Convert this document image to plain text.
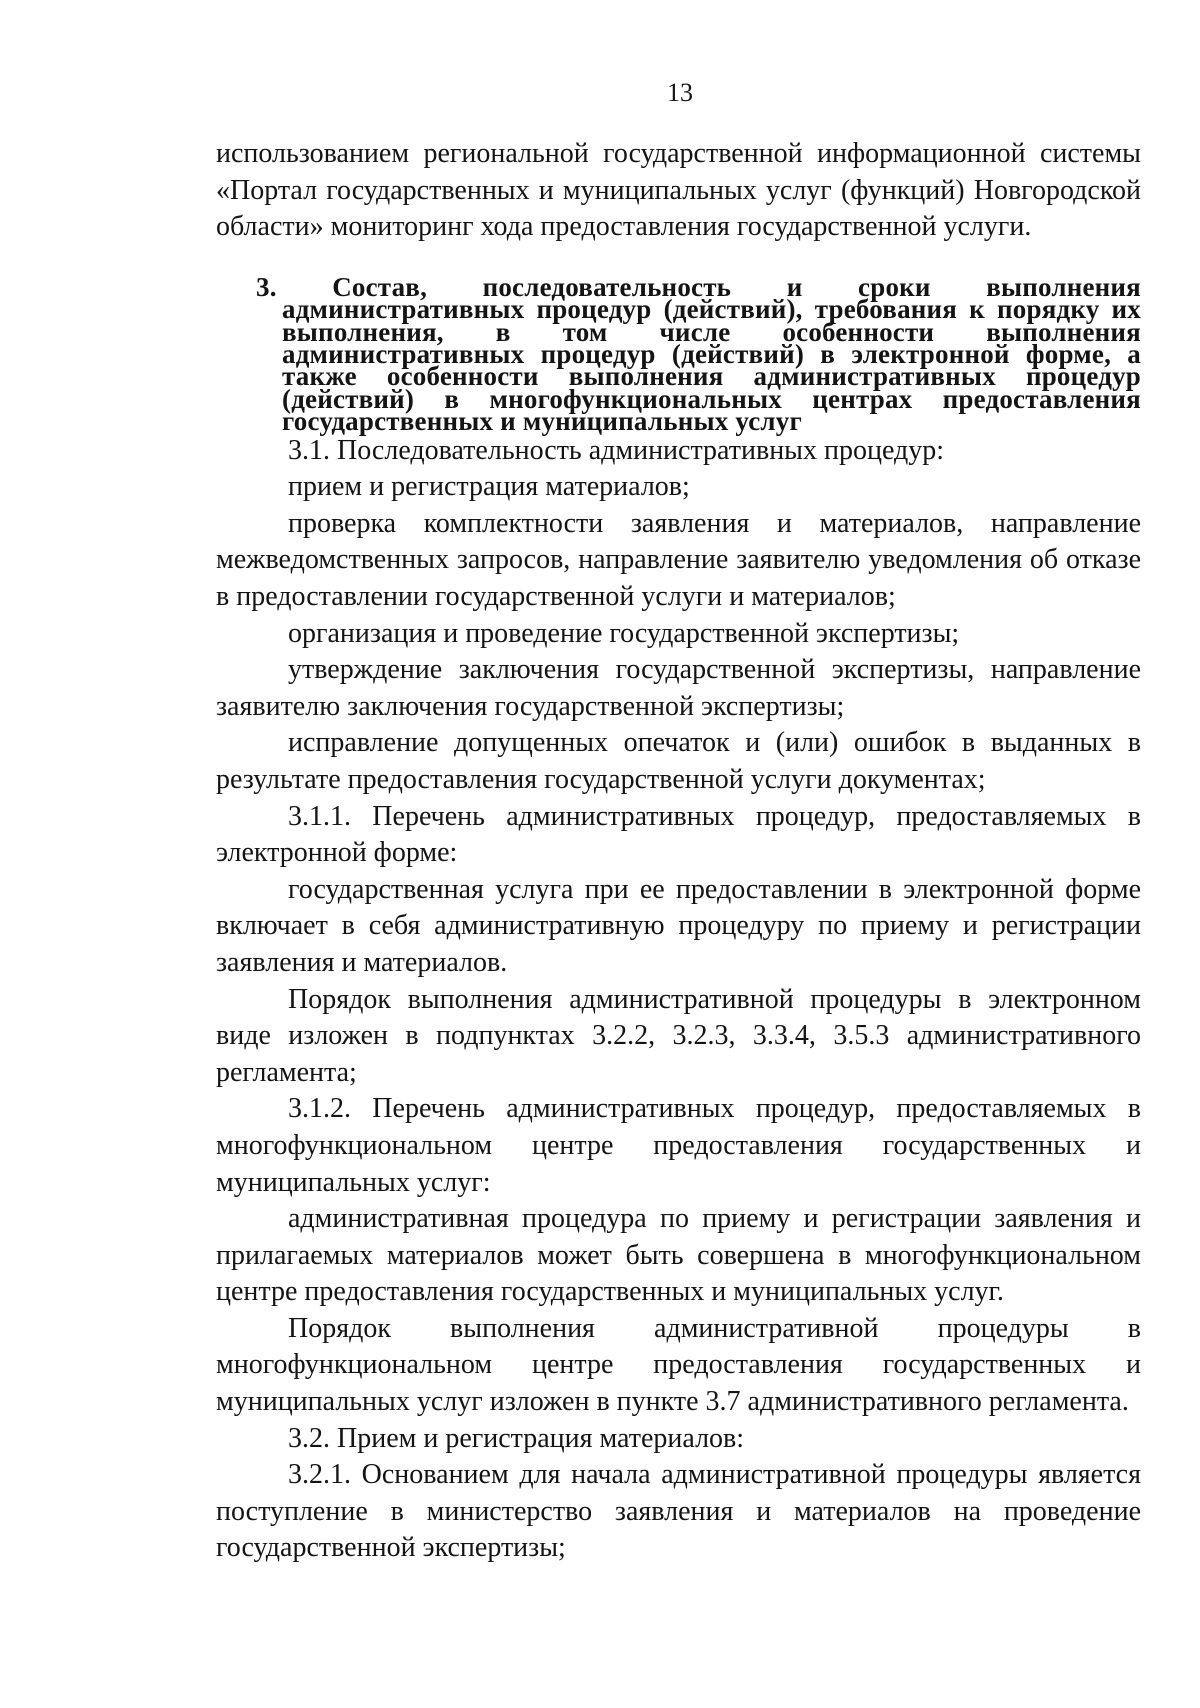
13

использованием региональной государственной информационной системы «Портал государственных и муниципальных услуг (функций) Новгородской области» мониторинг хода предоставления государственной услуги.

3. Состав, последовательность и сроки выполнения административных процедур (действий), требования к порядку их выполнения, в том числе особенности выполнения административных процедур (действий) в электронной форме, а также особенности выполнения административных процедур (действий) в многофункциональных центрах предоставления государственных и муниципальных услуг

3.1. Последовательность административных процедур:

прием и регистрация материалов;

проверка комплектности заявления и материалов, направление межведомственных запросов, направление заявителю уведомления об отказе в предоставлении государственной услуги и материалов;

организация и проведение государственной экспертизы;

утверждение заключения государственной экспертизы, направление заявителю заключения государственной экспертизы;

исправление допущенных опечаток и (или) ошибок в выданных в результате предоставления государственной услуги документах;

3.1.1. Перечень административных процедур, предоставляемых в электронной форме:

государственная услуга при ее предоставлении в электронной форме включает в себя административную процедуру по приему и регистрации заявления и материалов.

Порядок выполнения административной процедуры в электронном виде изложен в подпунктах 3.2.2, 3.2.3, 3.3.4, 3.5.3 административного регламента;

3.1.2. Перечень административных процедур, предоставляемых в многофункциональном центре предоставления государственных и муниципальных услуг:

административная процедура по приему и регистрации заявления и прилагаемых материалов может быть совершена в многофункциональном центре предоставления государственных и муниципальных услуг.

Порядок выполнения административной процедуры в многофункциональном центре предоставления государственных и муниципальных услуг изложен в пункте 3.7 административного регламента.

3.2. Прием и регистрация материалов:

3.2.1. Основанием для начала административной процедуры является поступление в министерство заявления и материалов на проведение государственной экспертизы;
